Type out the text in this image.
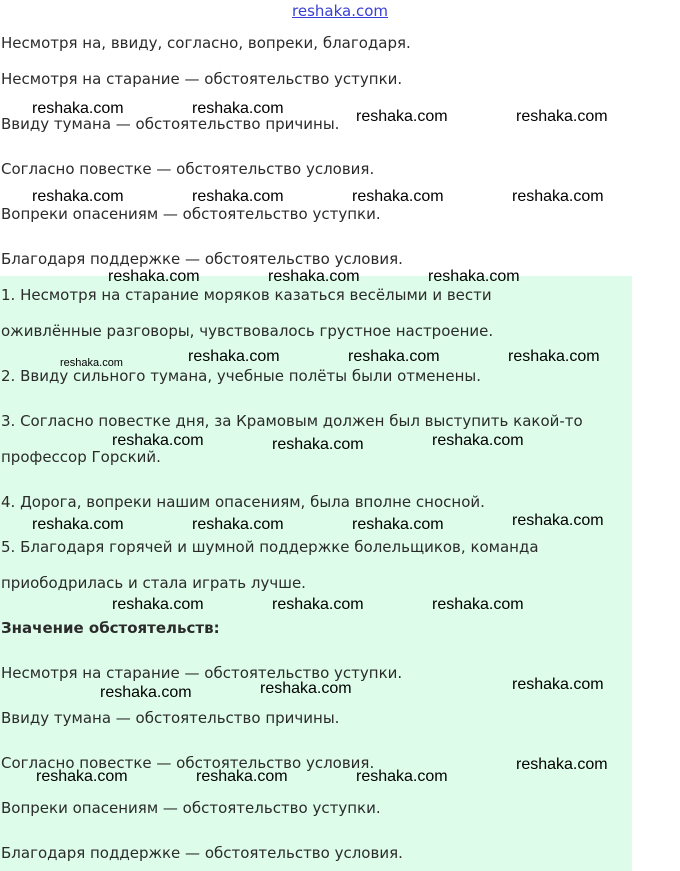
reshaka.com
Несмотря на, ввиду, согласно, вопреки, благодаря.
Несмотря на старание — обстоятельство уступки.
Ввиду тумана — обстоятельство причины.
Согласно повестке — обстоятельство условия.
Вопреки опасениям — обстоятельство уступки.
Благодаря поддержке — обстоятельство условия.
1. Несмотря на старание моряков казаться весёлыми и вести
оживлённые разговоры, чувствовалось грустное настроение.
2. Ввиду сильного тумана, учебные полёты были отменены.
3. Согласно повестке дня, за Крамовым должен был выступить какой-то
профессор Горский.
4. Дорога, вопреки нашим опасениям, была вполне сносной.
5. Благодаря горячей и шумной поддержке болельщиков, команда
приободрилась и стала играть лучше.
Значение обстоятельств:
Несмотря на старание — обстоятельство уступки.
Ввиду тумана — обстоятельство причины.
Согласно повестке — обстоятельство условия.
Вопреки опасениям — обстоятельство уступки.
Благодаря поддержке — обстоятельство условия.
reshaka.com	reshaka.com	reshaka.com	reshaka.com
reshaka.com	reshaka.com	reshaka.com	reshaka.com
reshaka.com	reshaka.com	reshaka.com
reshaka.com	reshaka.com	reshaka.com	reshaka.com
reshaka.com	reshaka.com	reshaka.com
reshaka.com	reshaka.com	reshaka.com	reshaka.com
reshaka.com	reshaka.com	reshaka.com
reshaka.com	reshaka.com	reshaka.com
reshaka.com	reshaka.com	reshaka.com
reshaka.com
